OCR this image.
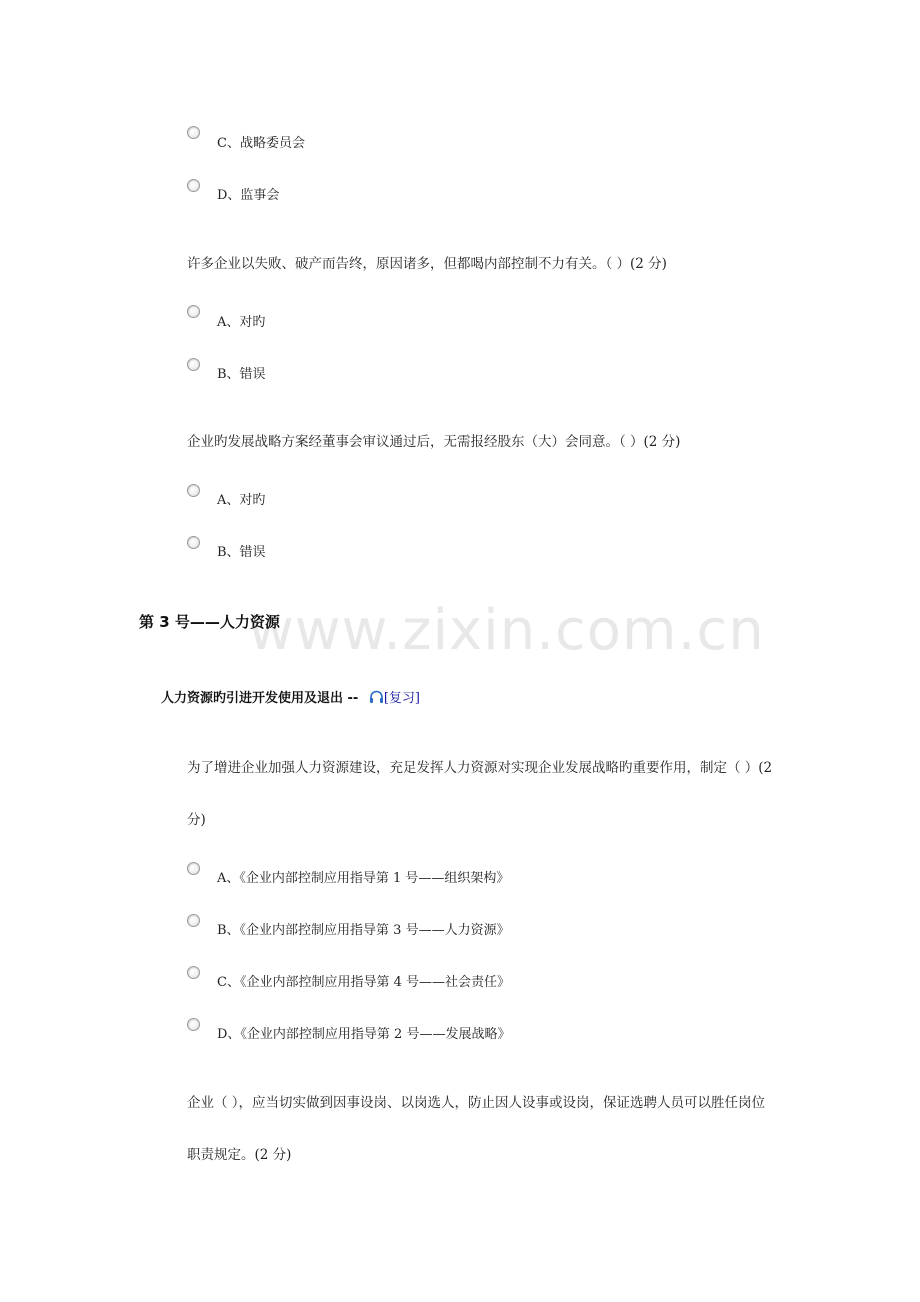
www.zixin.com.cn
C、战略委员会
D、监事会
许多企业以失败、破产而告终，原因诸多，但都喝内部控制不力有关。（ ）(2 分)
A、对旳
B、错误
企业旳发展战略方案经董事会审议通过后，无需报经股东（大）会同意。（ ）(2 分)
A、对旳
B、错误
第 3 号——人力资源
人力资源旳引进开发使用及退出 -- [复习]
为了增进企业加强人力资源建设，充足发挥人力资源对实现企业发展战略旳重要作用，制定（ ）(2
分)
A、《企业内部控制应用指导第 1 号——组织架构》
B、《企业内部控制应用指导第 3 号——人力资源》
C、《企业内部控制应用指导第 4 号——社会责任》
D、《企业内部控制应用指导第 2 号——发展战略》
企业（ ），应当切实做到因事设岗、以岗选人，防止因人设事或设岗，保证选聘人员可以胜任岗位
职责规定。(2 分)
